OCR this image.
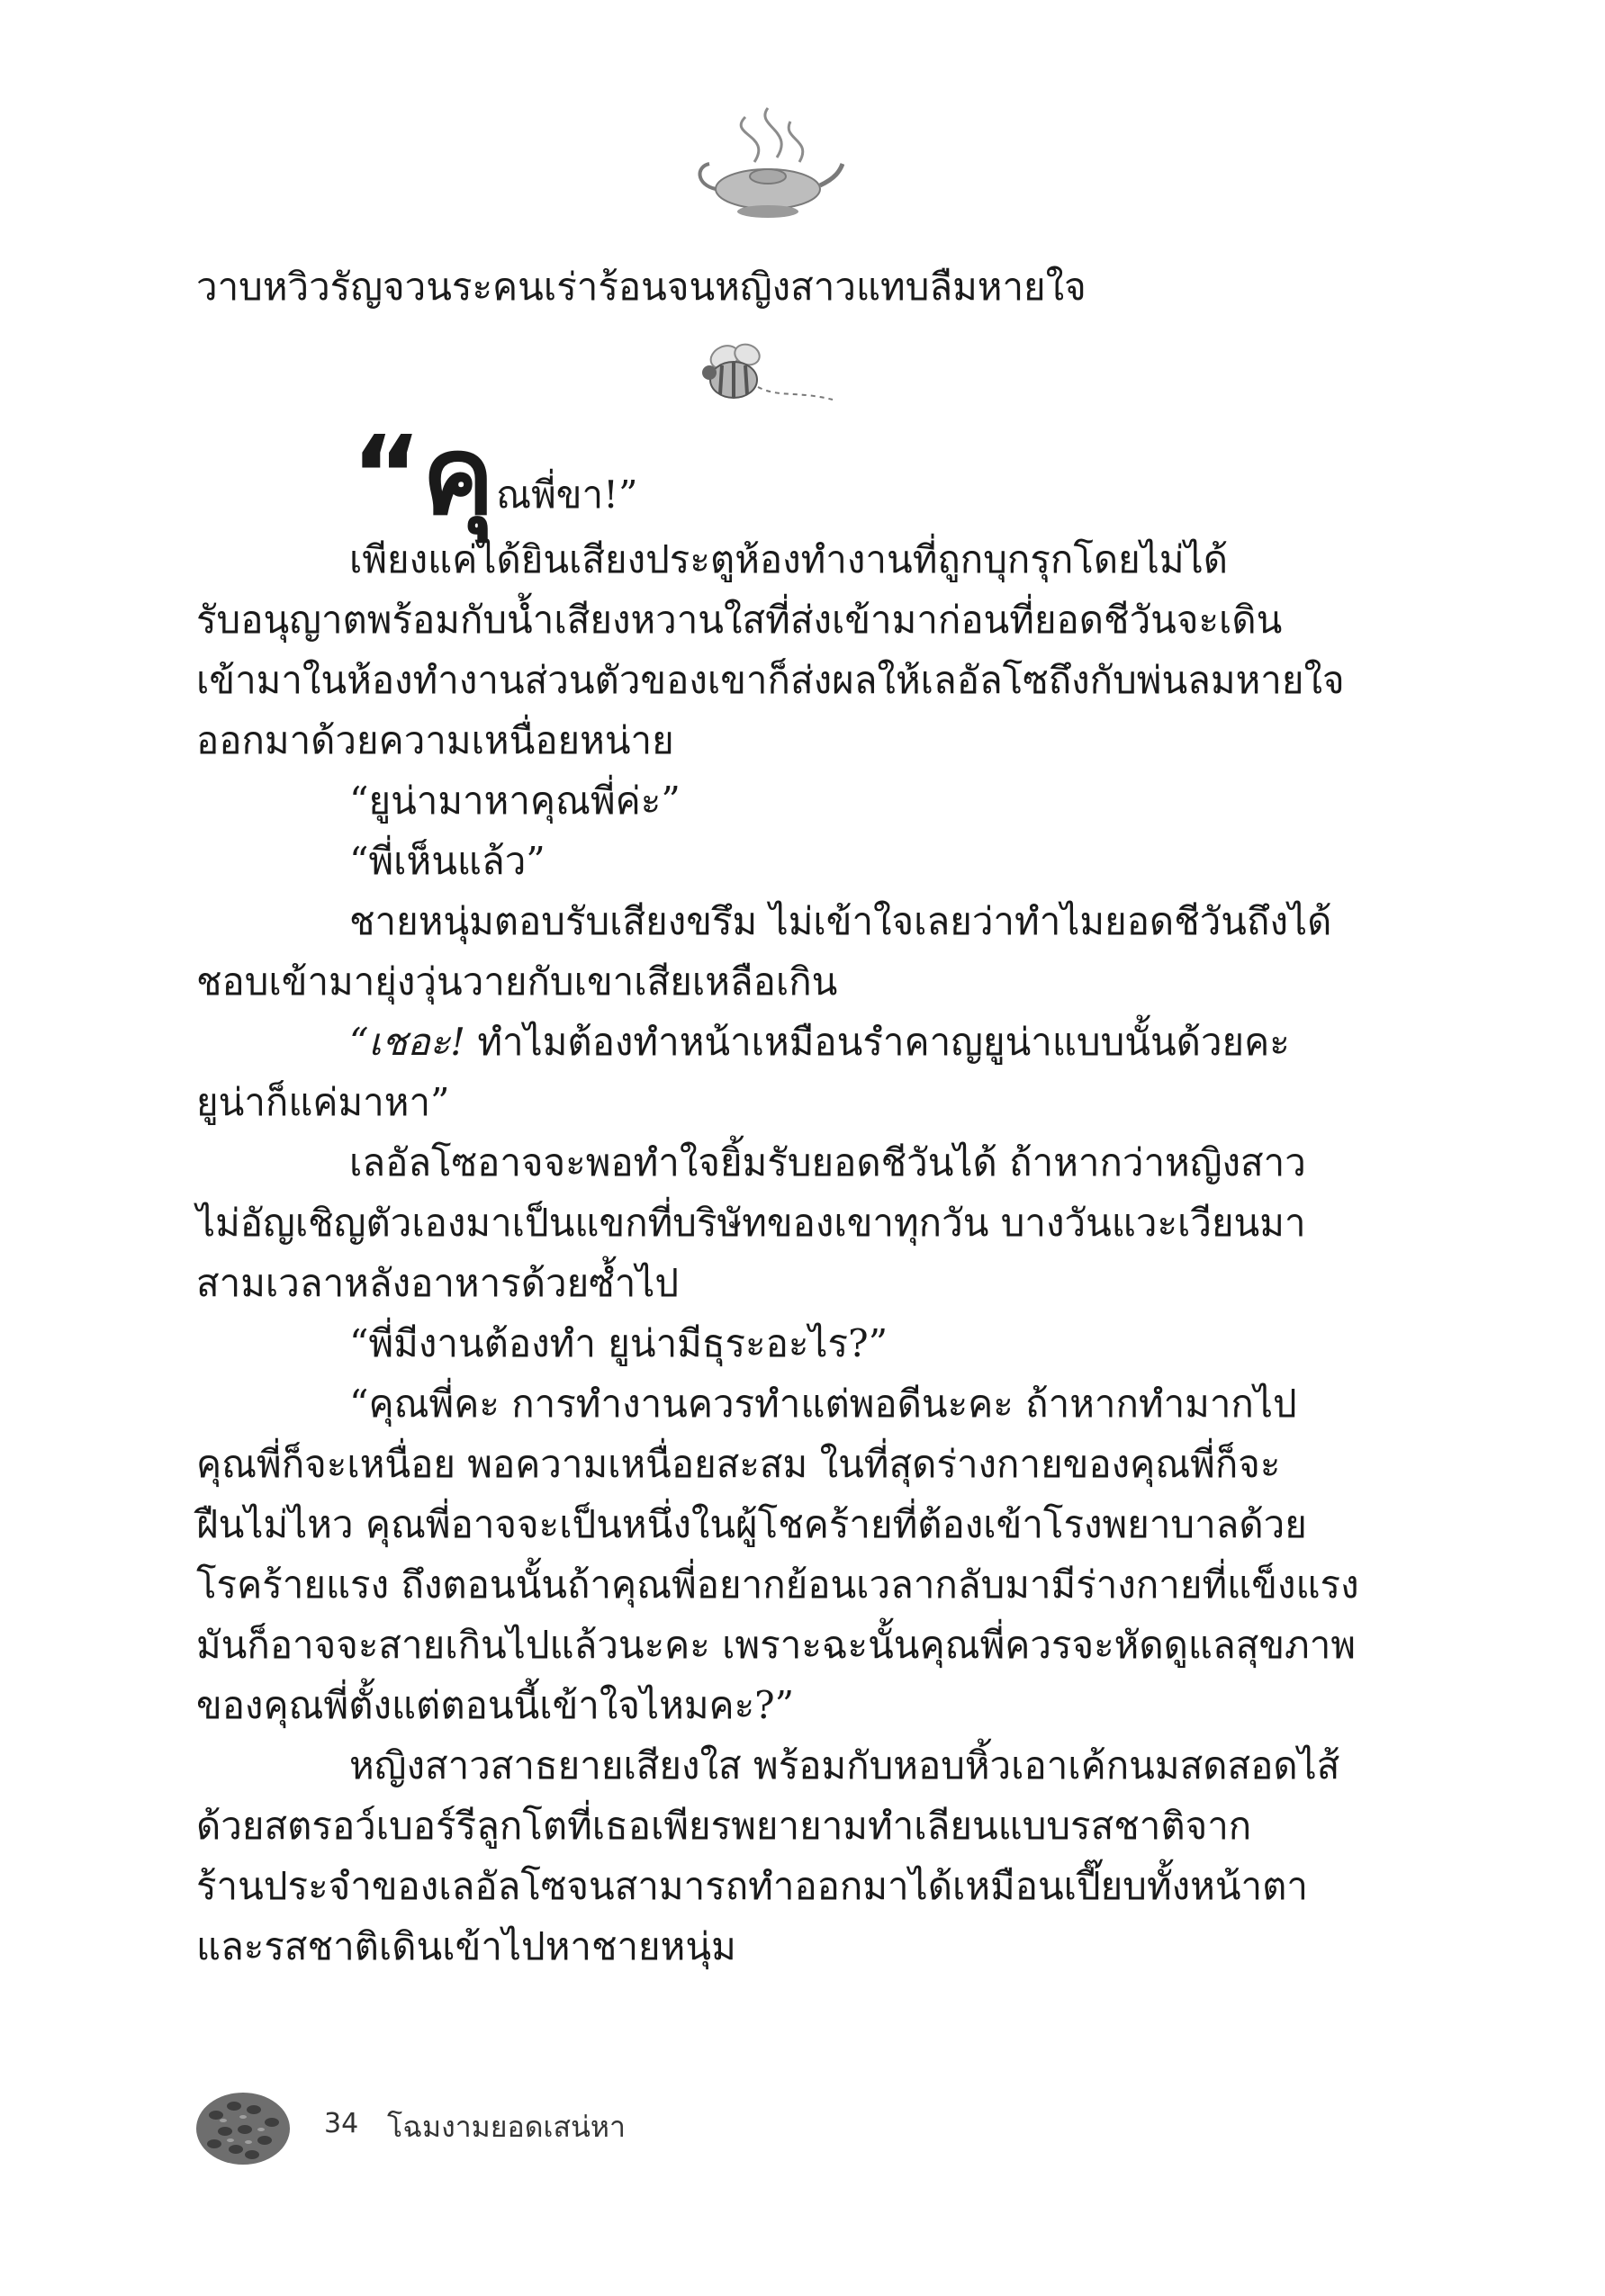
วาบหวิวรัญจวนระคนเร่าร้อนจนหญิงสาวแทบลืมหายใจ
“คุณพี่ขา!”
เพียงแค่ได้ยินเสียงประตูห้องทำงานที่ถูกบุกรุกโดยไม่ได้
รับอนุญาตพร้อมกับน้ำเสียงหวานใสที่ส่งเข้ามาก่อนที่ยอดชีวันจะเดิน
เข้ามาในห้องทำงานส่วนตัวของเขาก็ส่งผลให้เลอัลโซถึงกับพ่นลมหายใจ
ออกมาด้วยความเหนื่อยหน่าย
“ยูน่ามาหาคุณพี่ค่ะ”
“พี่เห็นแล้ว”
ชายหนุ่มตอบรับเสียงขรึม ไม่เข้าใจเลยว่าทำไมยอดชีวันถึงได้
ชอบเข้ามายุ่งวุ่นวายกับเขาเสียเหลือเกิน
“เชอะ! ทำไมต้องทำหน้าเหมือนรำคาญยูน่าแบบนั้นด้วยคะ
ยูน่าก็แค่มาหา”
เลอัลโซอาจจะพอทำใจยิ้มรับยอดชีวันได้ ถ้าหากว่าหญิงสาว
ไม่อัญเชิญตัวเองมาเป็นแขกที่บริษัทของเขาทุกวัน บางวันแวะเวียนมา
สามเวลาหลังอาหารด้วยซ้ำไป
“พี่มีงานต้องทำ ยูน่ามีธุระอะไร?”
“คุณพี่คะ การทำงานควรทำแต่พอดีนะคะ ถ้าหากทำมากไป
คุณพี่ก็จะเหนื่อย พอความเหนื่อยสะสม ในที่สุดร่างกายของคุณพี่ก็จะ
ฝืนไม่ไหว คุณพี่อาจจะเป็นหนึ่งในผู้โชคร้ายที่ต้องเข้าโรงพยาบาลด้วย
โรคร้ายแรง ถึงตอนนั้นถ้าคุณพี่อยากย้อนเวลากลับมามีร่างกายที่แข็งแรง
มันก็อาจจะสายเกินไปแล้วนะคะ เพราะฉะนั้นคุณพี่ควรจะหัดดูแลสุขภาพ
ของคุณพี่ตั้งแต่ตอนนี้เข้าใจไหมคะ?”
หญิงสาวสาธยายเสียงใส พร้อมกับหอบหิ้วเอาเค้กนมสดสอดไส้
ด้วยสตรอว์เบอร์รีลูกโตที่เธอเพียรพยายามทำเลียนแบบรสชาติจาก
ร้านประจำของเลอัลโซจนสามารถทำออกมาได้เหมือนเปี๊ยบทั้งหน้าตา
และรสชาติเดินเข้าไปหาชายหนุ่ม
34 โฉมงามยอดเสน่หา
